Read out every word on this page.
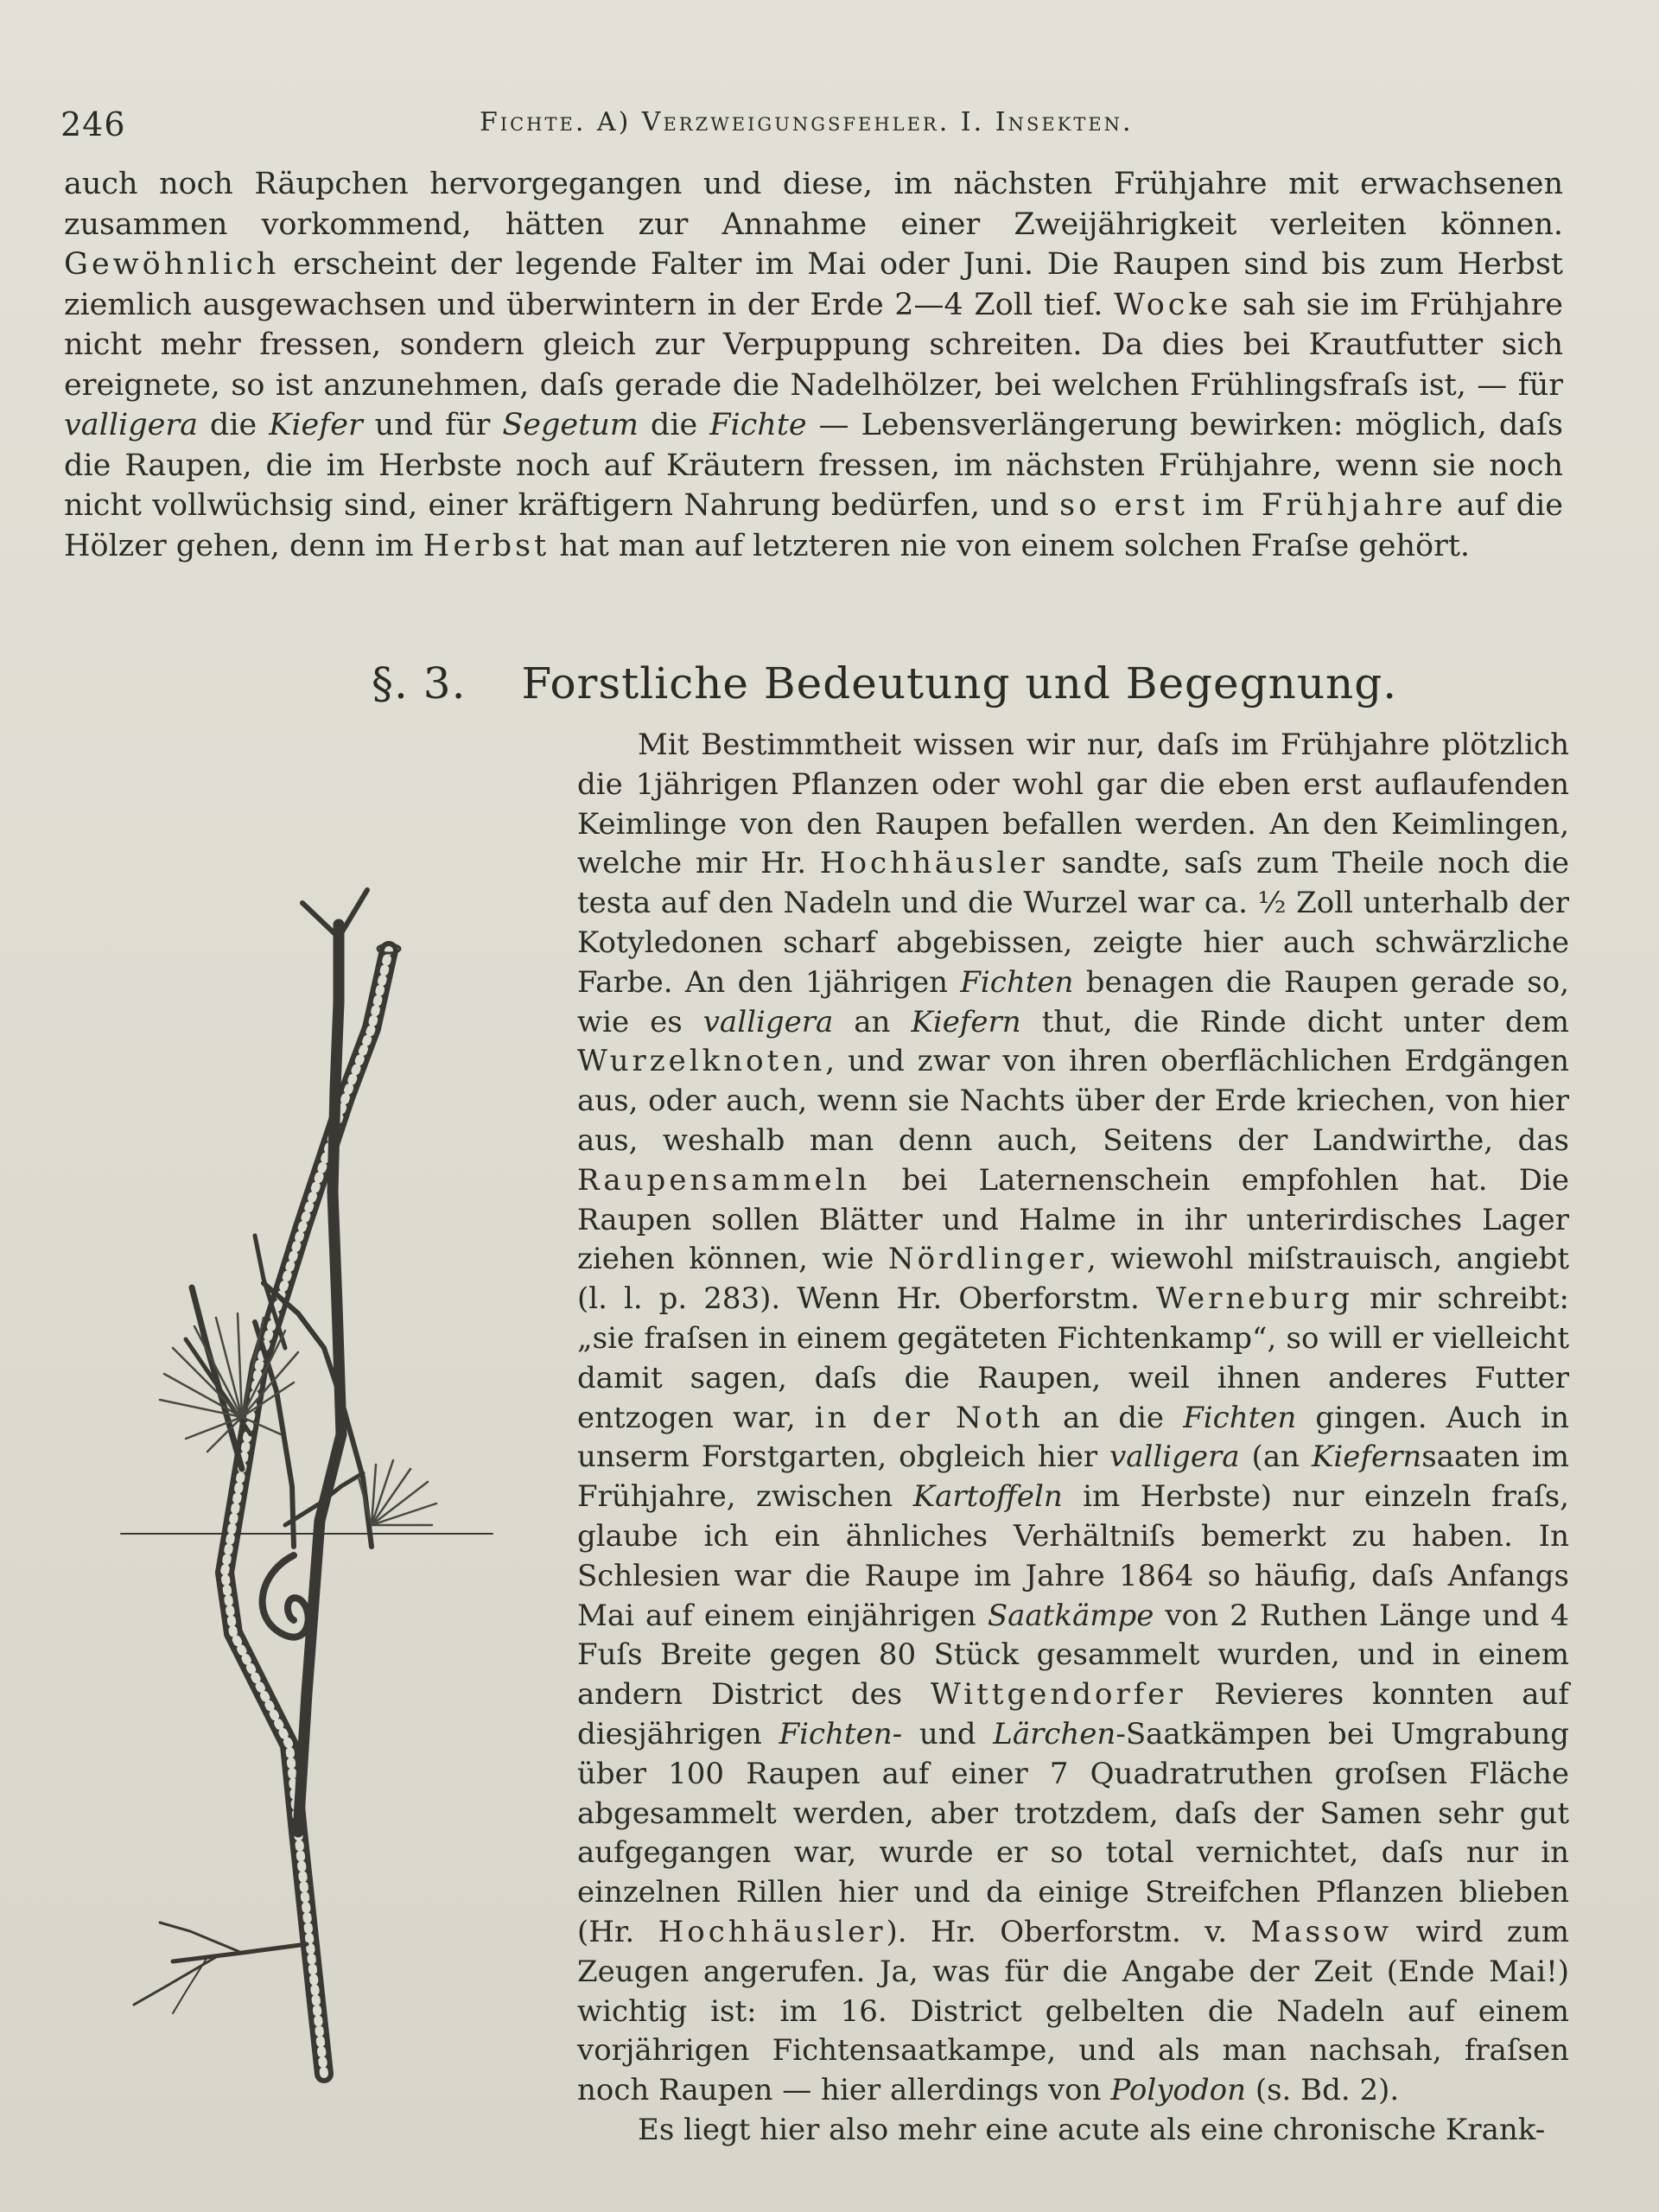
246	Fichte. A) Verzweigungsfehler. I. Insekten.

auch noch Räupchen hervorgegangen und diese, im nächsten Frühjahre mit erwachsenen zusammen vorkommend, hätten zur Annahme einer Zweijährigkeit verleiten können. Gewöhnlich erscheint der legende Falter im Mai oder Juni. Die Raupen sind bis zum Herbst ziemlich ausgewachsen und überwintern in der Erde 2—4 Zoll tief. Wocke sah sie im Frühjahre nicht mehr fressen, sondern gleich zur Verpuppung schreiten. Da dies bei Krautfutter sich ereignete, so ist anzunehmen, daſs gerade die Nadelhölzer, bei welchen Frühlingsfraſs ist, — für valligera die Kiefer und für Segetum die Fichte — Lebensverlängerung bewirken: möglich, daſs die Raupen, die im Herbste noch auf Kräutern fressen, im nächsten Frühjahre, wenn sie noch nicht vollwüchsig sind, einer kräftigern Nahrung bedürfen, und so erst im Frühjahre auf die Hölzer gehen, denn im Herbst hat man auf letzteren nie von einem solchen Fraſse gehört.

§. 3. Forstliche Bedeutung und Begegnung.

Mit Bestimmtheit wissen wir nur, daſs im Frühjahre plötzlich die 1jährigen Pflanzen oder wohl gar die eben erst auflaufenden Keimlinge von den Raupen befallen werden. An den Keimlingen, welche mir Hr. Hochhäusler sandte, saſs zum Theile noch die testa auf den Nadeln und die Wurzel war ca. ½ Zoll unterhalb der Kotyledonen scharf abgebissen, zeigte hier auch schwärzliche Farbe. An den 1jährigen Fichten benagen die Raupen gerade so, wie es valligera an Kiefern thut, die Rinde dicht unter dem Wurzelknoten, und zwar von ihren oberflächlichen Erdgängen aus, oder auch, wenn sie Nachts über der Erde kriechen, von hier aus, weshalb man denn auch, Seitens der Landwirthe, das Raupensammeln bei Laternenschein empfohlen hat. Die Raupen sollen Blätter und Halme in ihr unterirdisches Lager ziehen können, wie Nördlinger, wiewohl miſstrauisch, angiebt (l. l. p. 283). Wenn Hr. Oberforstm. Werneburg mir schreibt: „sie fraſsen in einem gegäteten Fichtenkamp“, so will er vielleicht damit sagen, daſs die Raupen, weil ihnen anderes Futter entzogen war, in der Noth an die Fichten gingen. Auch in unserm Forstgarten, obgleich hier valligera (an Kiefernsaaten im Frühjahre, zwischen Kartoffeln im Herbste) nur einzeln fraſs, glaube ich ein ähnliches Verhältniſs bemerkt zu haben. In Schlesien war die Raupe im Jahre 1864 so häufig, daſs Anfangs Mai auf einem einjährigen Saatkämpe von 2 Ruthen Länge und 4 Fuſs Breite gegen 80 Stück gesammelt wurden, und in einem andern District des Wittgendorfer Revieres konnten auf diesjährigen Fichten- und Lärchen-Saatkämpen bei Umgrabung über 100 Raupen auf einer 7 Quadratruthen groſsen Fläche abgesammelt werden, aber trotzdem, daſs der Samen sehr gut aufgegangen war, wurde er so total vernichtet, daſs nur in einzelnen Rillen hier und da einige Streifchen Pflanzen blieben (Hr. Hochhäusler). Hr. Oberforstm. v. Massow wird zum Zeugen angerufen. Ja, was für die Angabe der Zeit (Ende Mai!) wichtig ist: im 16. District gelbelten die Nadeln auf einem vorjährigen Fichtensaatkampe, und als man nachsah, fraſsen noch Raupen — hier allerdings von Polyodon (s. Bd. 2).

Es liegt hier also mehr eine acute als eine chronische Krank-
